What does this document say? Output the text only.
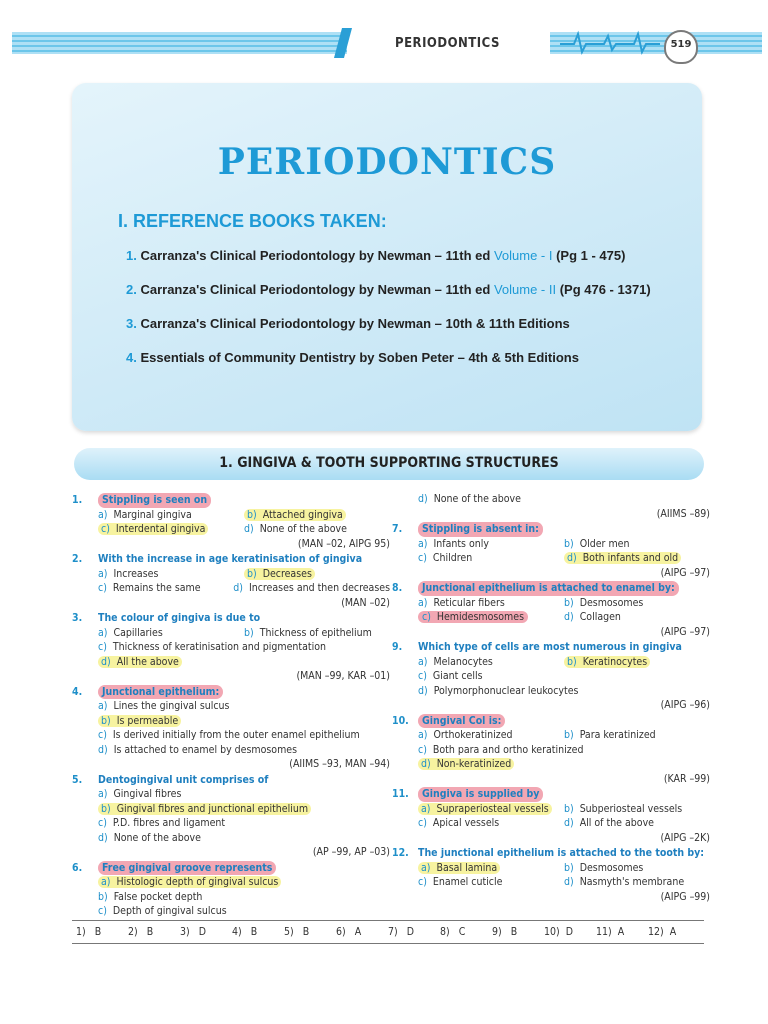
PERIODONTICS	519
PERIODONTICS
I. REFERENCE BOOKS TAKEN:
1. Carranza's Clinical Periodontology by Newman – 11th ed Volume - I (Pg 1 - 475)
2. Carranza's Clinical Periodontology by Newman – 11th ed Volume - II (Pg 476 - 1371)
3. Carranza's Clinical Periodontology by Newman – 10th & 11th Editions
4. Essentials of Community Dentistry by Soben Peter – 4th & 5th Editions
1. GINGIVA & TOOTH SUPPORTING STRUCTURES
1.	Stippling is seen on
a) Marginal gingiva	b) Attached gingiva
c) Interdental gingiva	d) None of the above
(MAN –02, AIPG 95)
2.	With the increase in age keratinisation of gingiva
a) Increases	b) Decreases
c) Remains the same	d) Increases and then decreases
(MAN –02)
3.	The colour of gingiva is due to
a) Capillaries	b) Thickness of epithelium
c) Thickness of keratinisation and pigmentation
d) All the above
(MAN –99, KAR –01)
4.	Junctional epithelium:
a) Lines the gingival sulcus
b) Is permeable
c) Is derived initially from the outer enamel epithelium
d) Is attached to enamel by desmosomes
(AIIMS –93, MAN –94)
5.	Dentogingival unit comprises of
a) Gingival fibres
b) Gingival fibres and junctional epithelium
c) P.D. fibres and ligament
d) None of the above
(AP –99, AP –03)
6.	Free gingival groove represents
a) Histologic depth of gingival sulcus
b) False pocket depth
c) Depth of gingival sulcus
d) None of the above
(AIIMS –89)
7.	Stippling is absent in:
a) Infants only	b) Older men
c) Children	d) Both infants and old
(AIPG –97)
8.	Junctional epithelium is attached to enamel by:
a) Reticular fibers	b) Desmosomes
c) Hemidesmosomes	d) Collagen
(AIPG –97)
9.	Which type of cells are most numerous in gingiva
a) Melanocytes	b) Keratinocytes
c) Giant cells
d) Polymorphonuclear leukocytes
(AIPG –96)
10.	Gingival Col is:
a) Orthokeratinized	b) Para keratinized
c) Both para and ortho keratinized
d) Non-keratinized
(KAR –99)
11.	Gingiva is supplied by
a) Supraperiosteal vessels	b) Subperiosteal vessels
c) Apical vessels	d) All of the above
(AIPG –2K)
12. The junctional epithelium is attached to the tooth by:
a) Basal lamina	b) Desmosomes
c) Enamel cuticle	d) Nasmyth's membrane
(AIPG –99)
1) B	2) B	3) D	4) B	5) B	6) A	7) D	8) C	9) B	10) D	11) A	12) A
